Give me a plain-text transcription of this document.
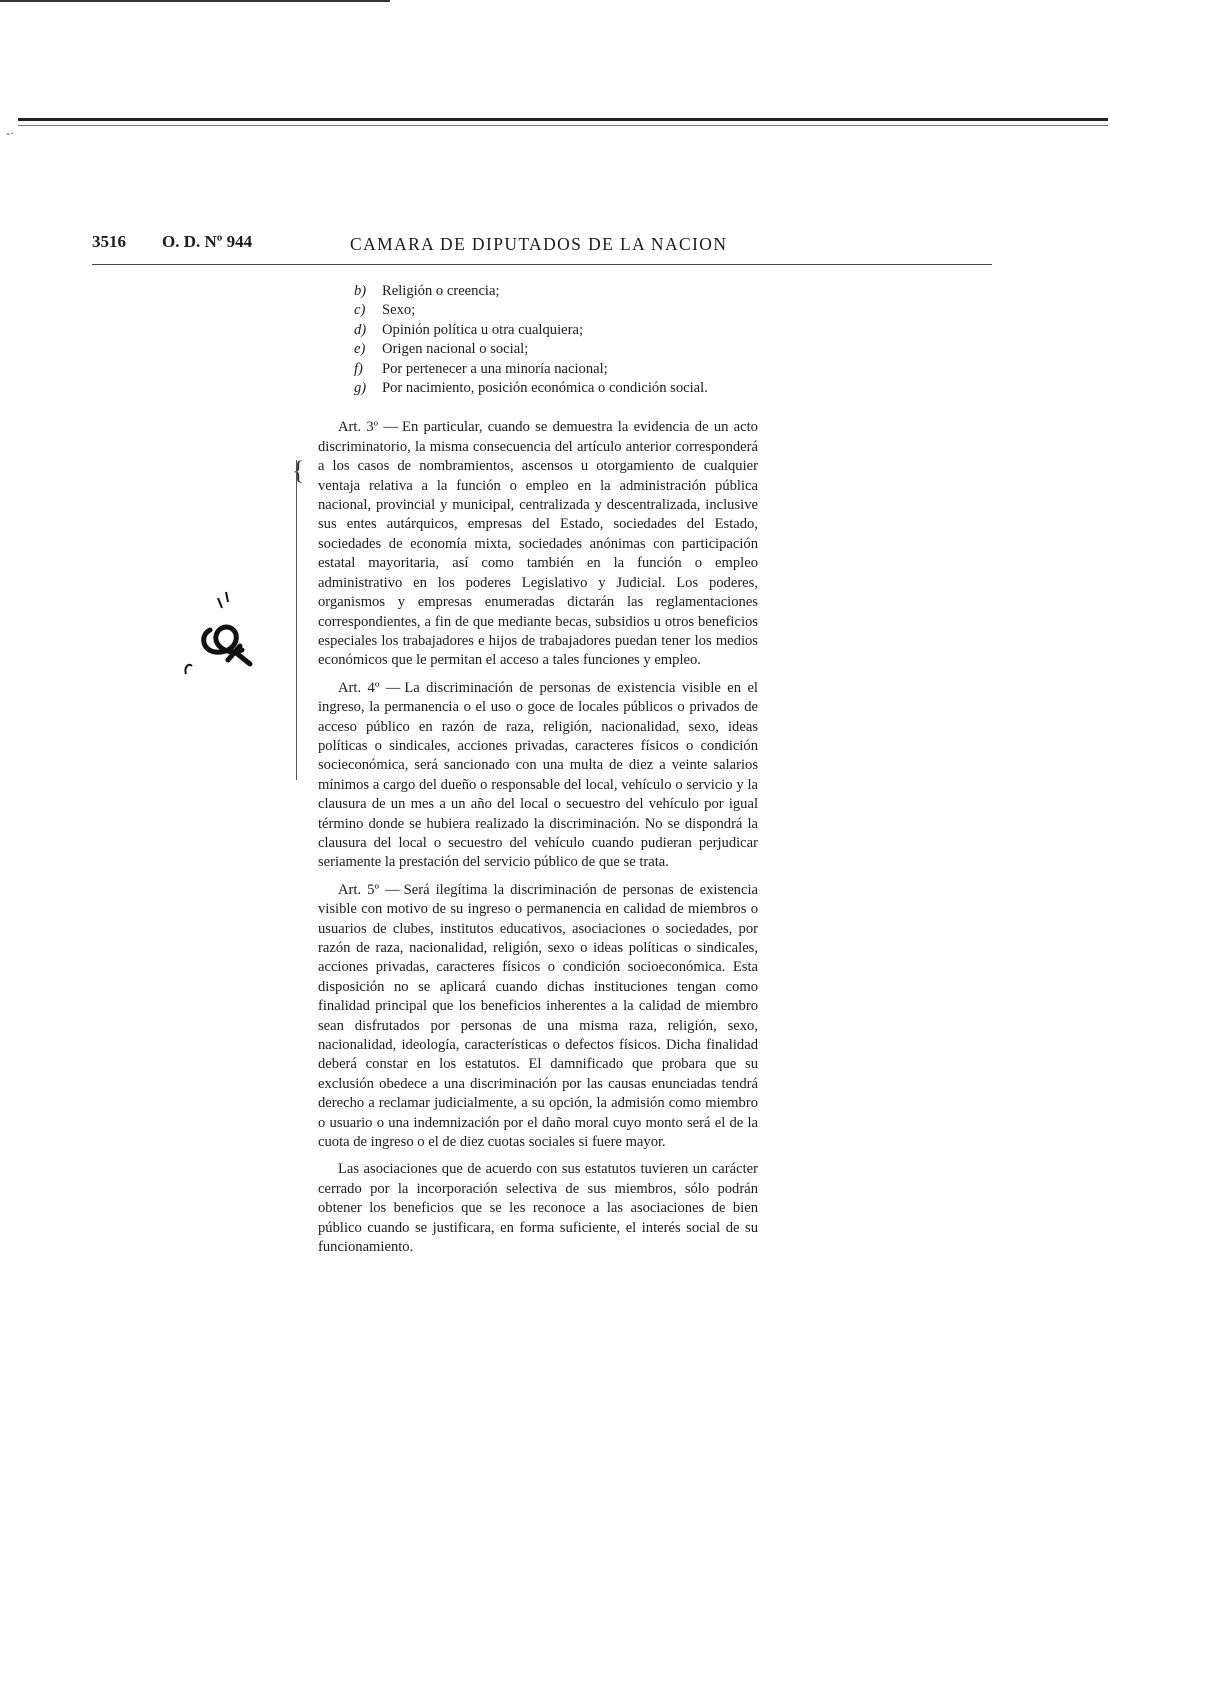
-·
3516 O. D. Nº 944	CAMARA DE DIPUTADOS DE LA NACION
{
b)	Religión o creencia;
c)	Sexo;
d)	Opinión política u otra cualquiera;
e)	Origen nacional o social;
f)	Por pertenecer a una minoría nacional;
g)	Por nacimiento, posición económica o condición social.

Art. 3º — En particular, cuando se demuestra la evidencia de un acto discriminatorio, la misma consecuencia del artículo anterior corresponderá a los casos de nombramientos, ascensos u otorgamiento de cualquier ventaja relativa a la función o empleo en la administración pública nacional, provincial y municipal, centralizada y descentralizada, inclusive sus entes autárquicos, empresas del Estado, sociedades del Estado, sociedades de economía mixta, sociedades anónimas con participación estatal mayoritaria, así como también en la función o empleo administrativo en los poderes Legislativo y Judicial. Los poderes, organismos y empresas enumeradas dictarán las reglamentaciones correspondientes, a fin de que mediante becas, subsidios u otros beneficios especiales los trabajadores e hijos de trabajadores puedan tener los medios económicos que le permitan el acceso a tales funciones y empleo.

Art. 4º — La discriminación de personas de existencia visible en el ingreso, la permanencia o el uso o goce de locales públicos o privados de acceso público en razón de raza, religión, nacionalidad, sexo, ideas políticas o sindicales, acciones privadas, caracteres físicos o condición socieconómica, será sancionado con una multa de diez a veinte salarios mínimos a cargo del dueño o responsable del local, vehículo o servicio y la clausura de un mes a un año del local o secuestro del vehículo por igual término donde se hubiera realizado la discriminación. No se dispondrá la clausura del local o secuestro del vehículo cuando pudieran perjudicar seriamente la prestación del servicio público de que se trata.

Art. 5º — Será ilegítima la discriminación de personas de existencia visible con motivo de su ingreso o permanencia en calidad de miembros o usuarios de clubes, institutos educativos, asociaciones o sociedades, por razón de raza, nacionalidad, religión, sexo o ideas políticas o sindicales, acciones privadas, caracteres físicos o condición socioeconómica. Esta disposición no se aplicará cuando dichas instituciones tengan como finalidad principal que los beneficios inherentes a la calidad de miembro sean disfrutados por personas de una misma raza, religión, sexo, nacionalidad, ideología, características o defectos físicos. Dicha finalidad deberá constar en los estatutos. El damnificado que probara que su exclusión obedece a una discriminación por las causas enunciadas tendrá derecho a reclamar judicialmente, a su opción, la admisión como miembro o usuario o una indemnización por el daño moral cuyo monto será el de la cuota de ingreso o el de diez cuotas sociales si fuere mayor.

Las asociaciones que de acuerdo con sus estatutos tuvieren un carácter cerrado por la incorporación selectiva de sus miembros, sólo podrán obtener los beneficios que se les reconoce a las asociaciones de bien público cuando se justificara, en forma suficiente, el interés social de su funcionamiento.
